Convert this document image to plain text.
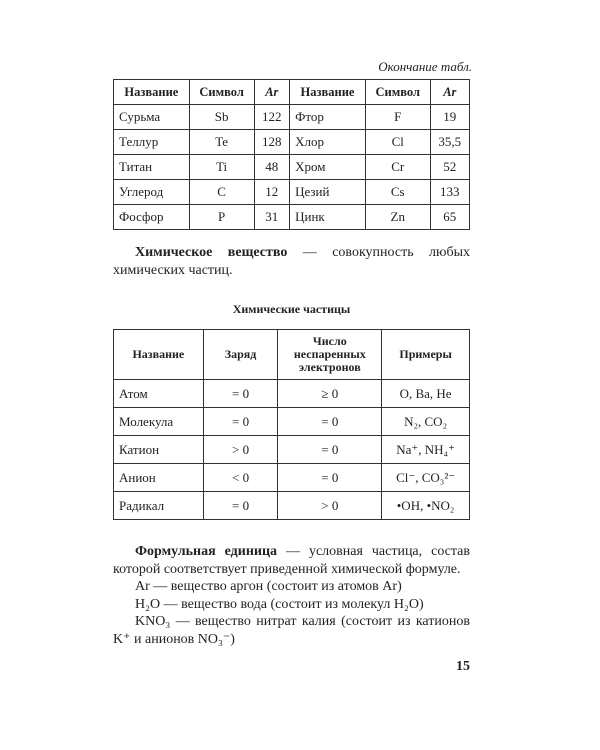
Окончание табл.
Название	Символ	Ar	Название	Символ	Ar
Сурьма	Sb	122	Фтор	F	19
Теллур	Te	128	Хлор	Cl	35,5
Титан	Ti	48	Хром	Cr	52
Углерод	C	12	Цезий	Cs	133
Фосфор	P	31	Цинк	Zn	65
Химическое вещество — совокупность любых химических частиц.
Химические частицы
Название	Заряд	Число неспаренных электронов	Примеры
Атом	= 0	≥ 0	O, Ba, He
Молекула	= 0	= 0	N₂, CO₂
Катион	> 0	= 0	Na⁺, NH₄⁺
Анион	< 0	= 0	Cl⁻, CO₃²⁻
Радикал	= 0	> 0	•OH, •NO₂
Формульная единица — условная частица, состав которой соответствует приведенной химической формуле.
Ar — вещество аргон (состоит из атомов Ar)
H₂O — вещество вода (состоит из молекул H₂O)
KNO₃ — вещество нитрат калия (состоит из катионов K⁺ и анионов NO₃⁻)
15
